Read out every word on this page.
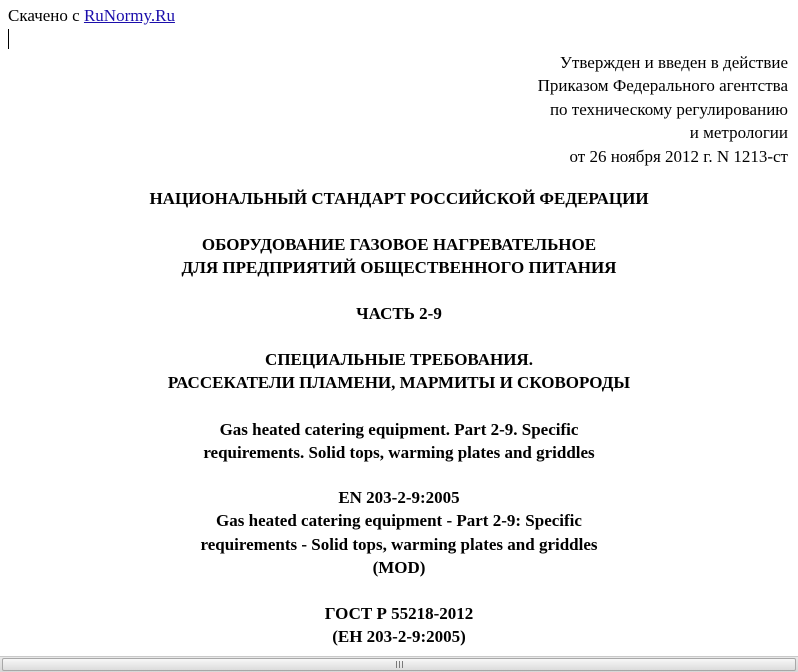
Скачено с RuNormy.Ru
Утвержден и введен в действие
Приказом Федерального агентства
по техническому регулированию
и метрологии
от 26 ноября 2012 г. N 1213-ст
НАЦИОНАЛЬНЫЙ СТАНДАРТ РОССИЙСКОЙ ФЕДЕРАЦИИ
ОБОРУДОВАНИЕ ГАЗОВОЕ НАГРЕВАТЕЛЬНОЕ
ДЛЯ ПРЕДПРИЯТИЙ ОБЩЕСТВЕННОГО ПИТАНИЯ
ЧАСТЬ 2-9
СПЕЦИАЛЬНЫЕ ТРЕБОВАНИЯ.
РАССЕКАТЕЛИ ПЛАМЕНИ, МАРМИТЫ И СКОВОРОДЫ
Gas heated catering equipment. Part 2-9. Specific
requirements. Solid tops, warming plates and griddles
EN 203-2-9:2005
Gas heated catering equipment - Part 2-9: Specific
requirements - Solid tops, warming plates and griddles
(MOD)
ГОСТ Р 55218-2012
(ЕН 203-2-9:2005)
